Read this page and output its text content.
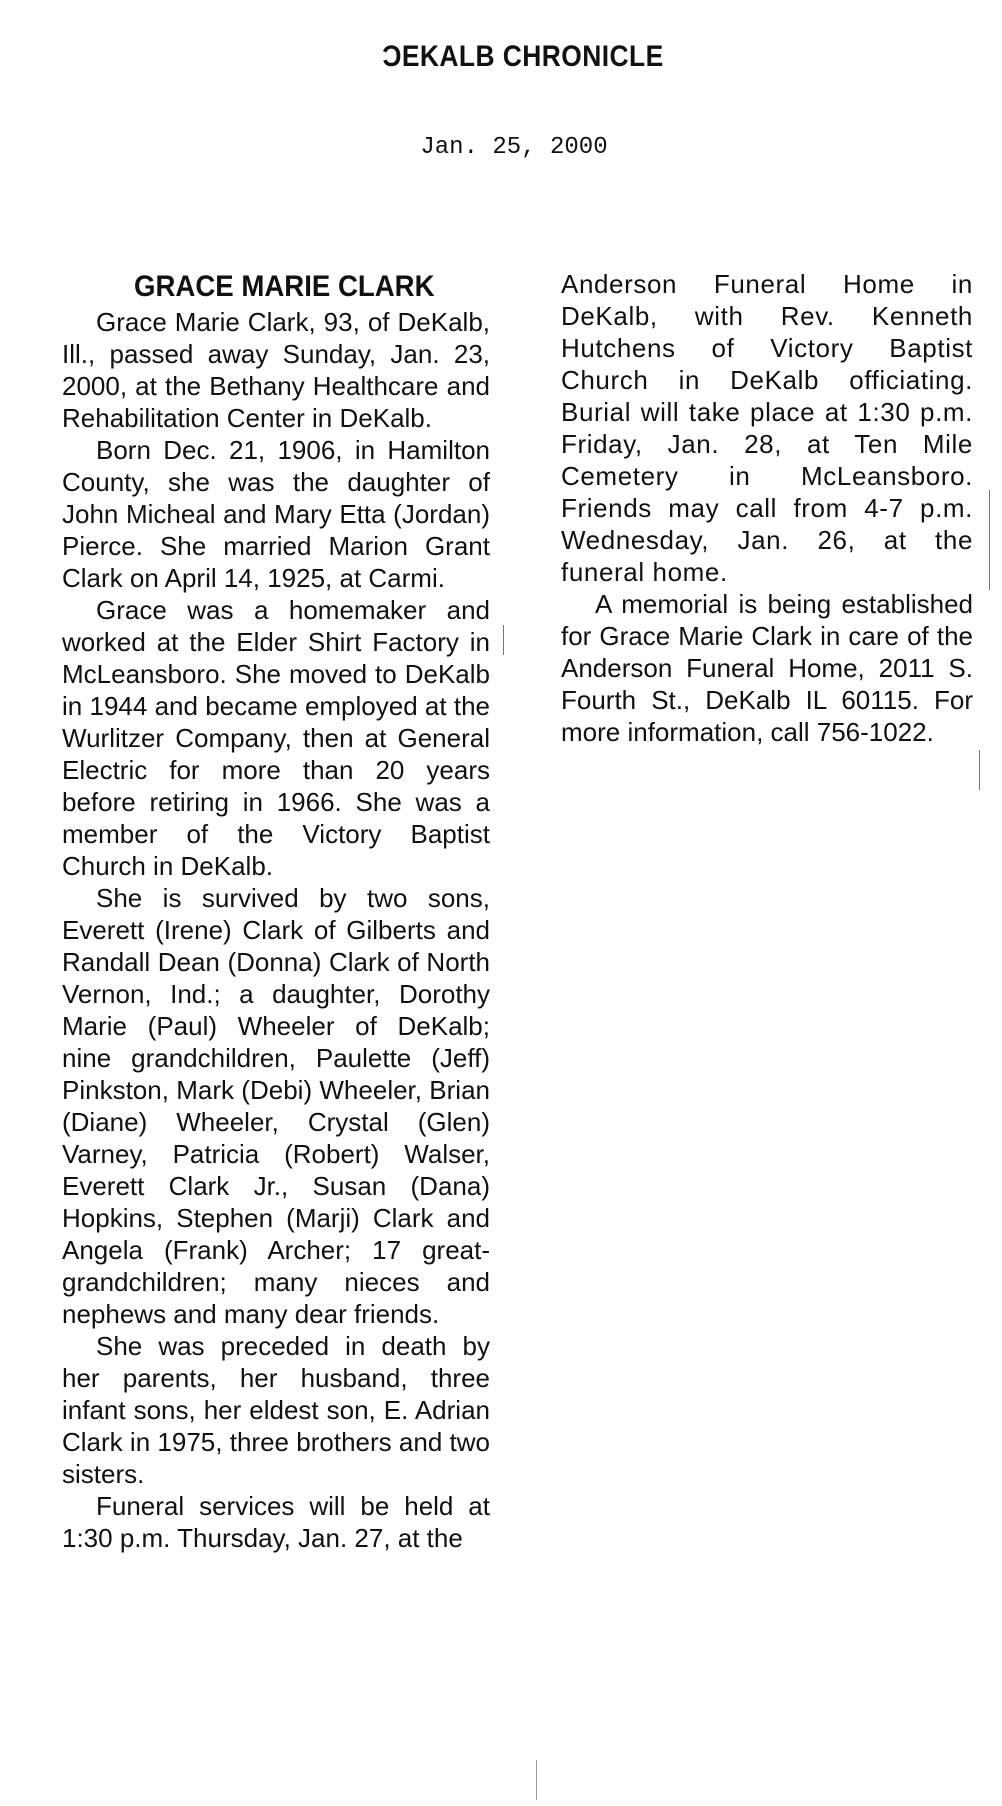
ƆEKALB CHRONICLE
Jan. 25, 2000
GRACE MARIE CLARK

Grace Marie Clark, 93, of DeKalb, Ill., passed away Sunday, Jan. 23, 2000, at the Bethany Healthcare and Rehabilitation Center in DeKalb.

Born Dec. 21, 1906, in Hamilton County, she was the daughter of John Micheal and Mary Etta (Jordan) Pierce. She married Marion Grant Clark on April 14, 1925, at Carmi.

Grace was a homemaker and worked at the Elder Shirt Factory in McLeansboro. She moved to DeKalb in 1944 and became employed at the Wurlitzer Company, then at General Electric for more than 20 years before retiring in 1966. She was a member of the Victory Baptist Church in DeKalb.

She is survived by two sons, Everett (Irene) Clark of Gilberts and Randall Dean (Donna) Clark of North Vernon, Ind.; a daughter, Dorothy Marie (Paul) Wheeler of DeKalb; nine grandchildren, Paulette (Jeff) Pinkston, Mark (Debi) Wheeler, Brian (Diane) Wheeler, Crystal (Glen) Varney, Patricia (Robert) Walser, Everett Clark Jr., Susan (Dana) Hopkins, Stephen (Marji) Clark and Angela (Frank) Archer; 17 great-grandchildren; many nieces and nephews and many dear friends.

She was preceded in death by her parents, her husband, three infant sons, her eldest son, E. Adrian Clark in 1975, three brothers and two sisters.

Funeral services will be held at 1:30 p.m. Thursday, Jan. 27, at the

Anderson Funeral Home in DeKalb, with Rev. Kenneth Hutchens of Victory Baptist Church in DeKalb officiating. Burial will take place at 1:30 p.m. Friday, Jan. 28, at Ten Mile Cemetery in McLeansboro. Friends may call from 4-7 p.m. Wednesday, Jan. 26, at the funeral home.

A memorial is being established for Grace Marie Clark in care of the Anderson Funeral Home, 2011 S. Fourth St., DeKalb IL 60115. For more information, call 756-1022.
